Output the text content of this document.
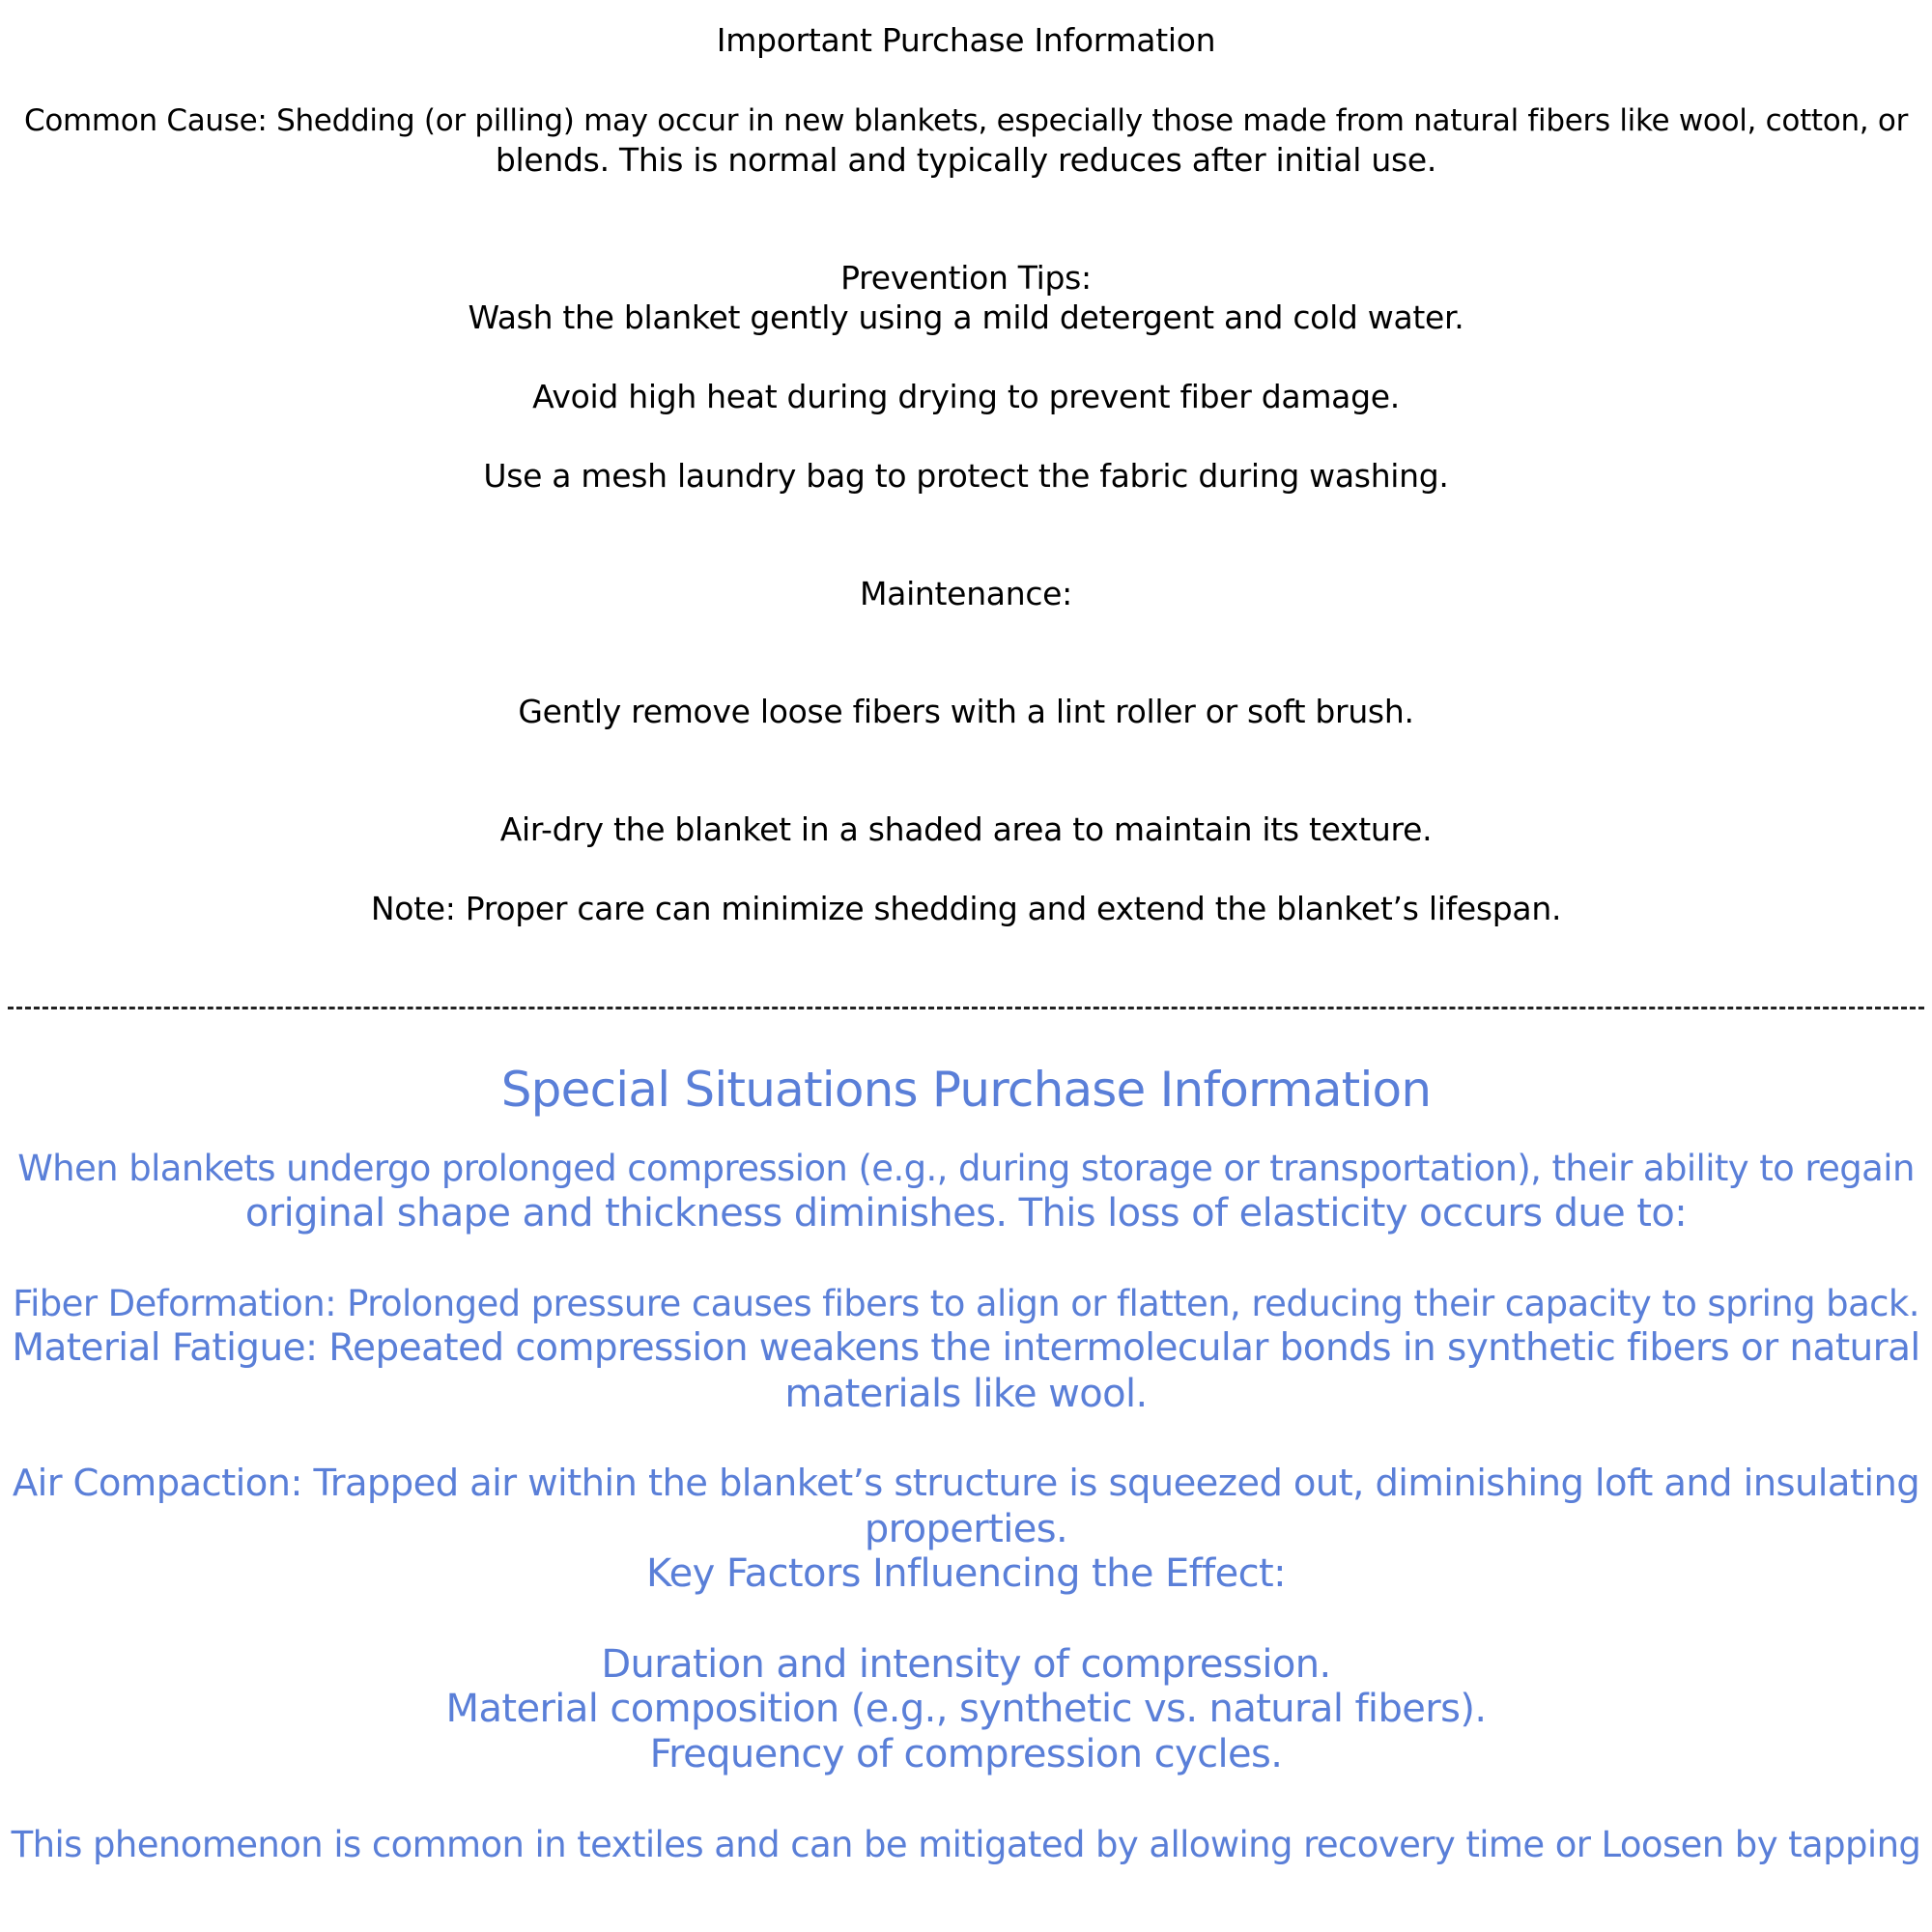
Important Purchase Information
Common Cause: Shedding (or pilling) may occur in new blankets, especially those made from natural fibers like wool, cotton, or
blends. This is normal and typically reduces after initial use.
Prevention Tips:
Wash the blanket gently using a mild detergent and cold water.
Avoid high heat during drying to prevent fiber damage.
Use a mesh laundry bag to protect the fabric during washing.
Maintenance:
Gently remove loose fibers with a lint roller or soft brush.
Air-dry the blanket in a shaded area to maintain its texture.
Note: Proper care can minimize shedding and extend the blanket’s lifespan.
Special Situations Purchase Information
When blankets undergo prolonged compression (e.g., during storage or transportation), their ability to regain
original shape and thickness diminishes. This loss of elasticity occurs due to:
Fiber Deformation: Prolonged pressure causes fibers to align or flatten, reducing their capacity to spring back.
Material Fatigue: Repeated compression weakens the intermolecular bonds in synthetic fibers or natural
materials like wool.
Air Compaction: Trapped air within the blanket’s structure is squeezed out, diminishing loft and insulating
properties.
Key Factors Influencing the Effect:
Duration and intensity of compression.
Material composition (e.g., synthetic vs. natural fibers).
Frequency of compression cycles.
This phenomenon is common in textiles and can be mitigated by allowing recovery time or Loosen by tapping
